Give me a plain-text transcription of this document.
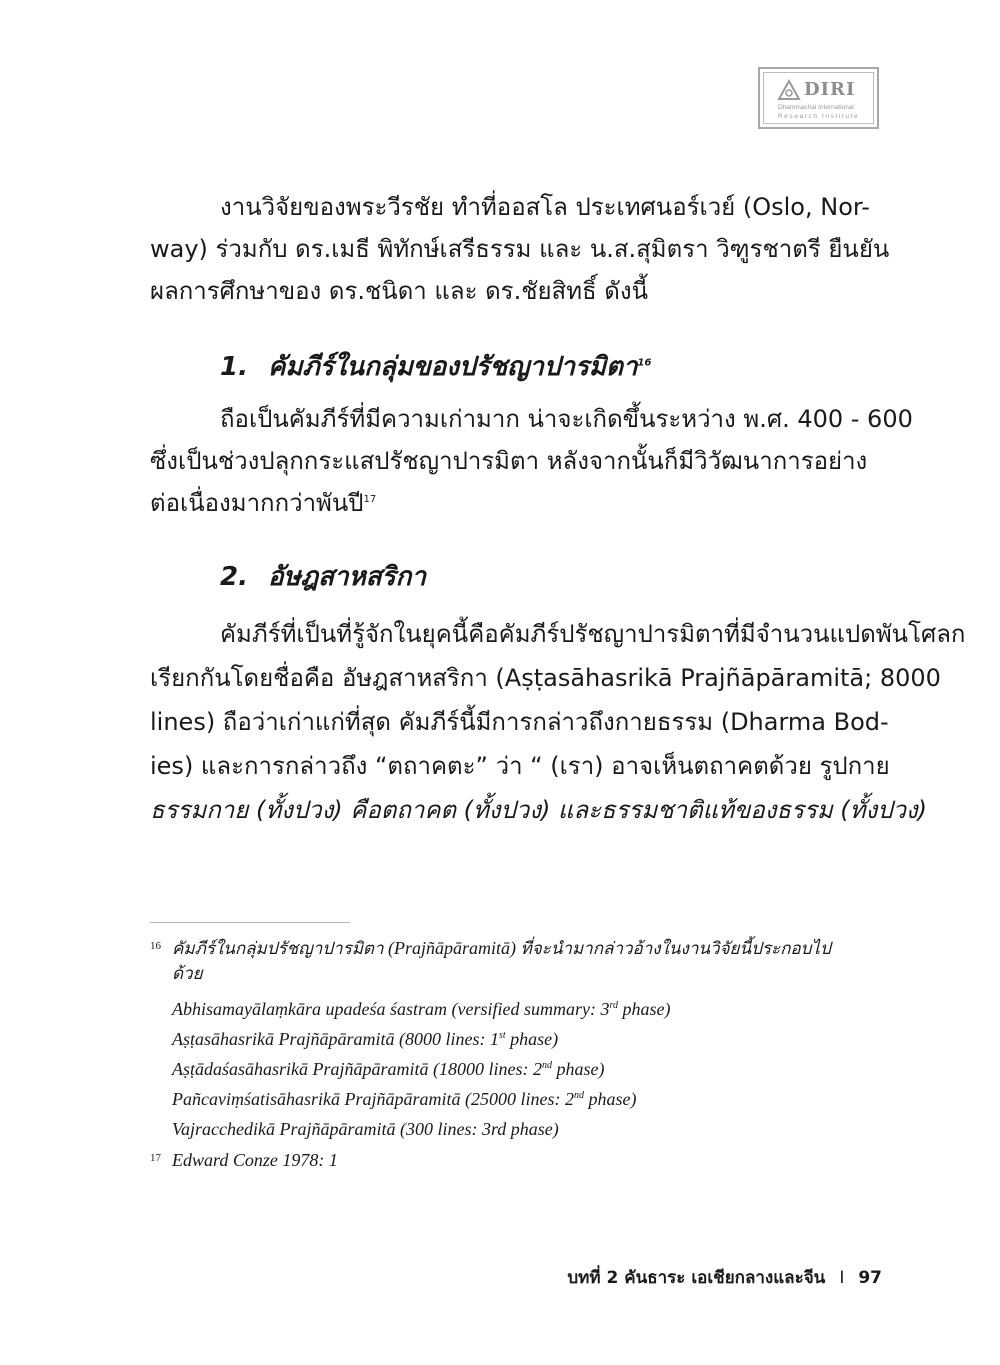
DIRI
Dhammachai International
Research Institute

งานวิจัยของพระวีรชัย ทำที่ออสโล ประเทศนอร์เวย์ (Oslo, Nor-
way) ร่วมกับ ดร.เมธี พิทักษ์เสรีธรรม และ น.ส.สุมิตรา วิฑูรชาตรี ยืนยัน
ผลการศึกษาของ ดร.ชนิดา และ ดร.ชัยสิทธิ์ ดังนี้

1. คัมภีร์ในกลุ่มของปรัชญาปารมิตา$^{16}$

ถือเป็นคัมภีร์ที่มีความเก่ามาก น่าจะเกิดขึ้นระหว่าง พ.ศ. 400 - 600
ซึ่งเป็นช่วงปลุกกระแสปรัชญาปารมิตา หลังจากนั้นก็มีวิวัฒนาการอย่าง
ต่อเนื่องมากกว่าพันปี$^{17}$

2. อัษฎสาหสริกา

คัมภีร์ที่เป็นที่รู้จักในยุคนี้คือคัมภีร์ปรัชญาปารมิตาที่มีจำนวนแปดพันโศลก
เรียกกันโดยชื่อคือ อัษฎสาหสริกา (Aṣṭasāhasrikā Prajñāpāramitā; 8000
lines) ถือว่าเก่าแก่ที่สุด คัมภีร์นี้มีการกล่าวถึงกายธรรม (Dharma Bod-
ies) และการกล่าวถึง “ตถาคตะ” ว่า “ (เรา) อาจเห็นตถาคตด้วย รูปกาย
ธรรมกาย (ทั้งปวง) คือตถาคต (ทั้งปวง) และธรรมชาติแท้ของธรรม (ทั้งปวง)

16 คัมภีร์ในกลุ่มปรัชญาปารมิตา (Prajñāpāramitā) ที่จะนำมากล่าวอ้างในงานวิจัยนี้ประกอบไป
ด้วย
Abhisamayālaṃkāra upadeśa śastram (versified summary: 3rd phase)
Aṣṭasāhasrikā Prajñāpāramitā (8000 lines: 1st phase)
Aṣṭādaśasāhasrikā Prajñāpāramitā (18000 lines: 2nd phase)
Pañcaviṃśatisāhasrikā Prajñāpāramitā (25000 lines: 2nd phase)
Vajracchedikā Prajñāpāramitā (300 lines: 3rd phase)
17 Edward Conze 1978: 1
บทที่ 2 คันธาระ เอเชียกลางและจีน I 97
